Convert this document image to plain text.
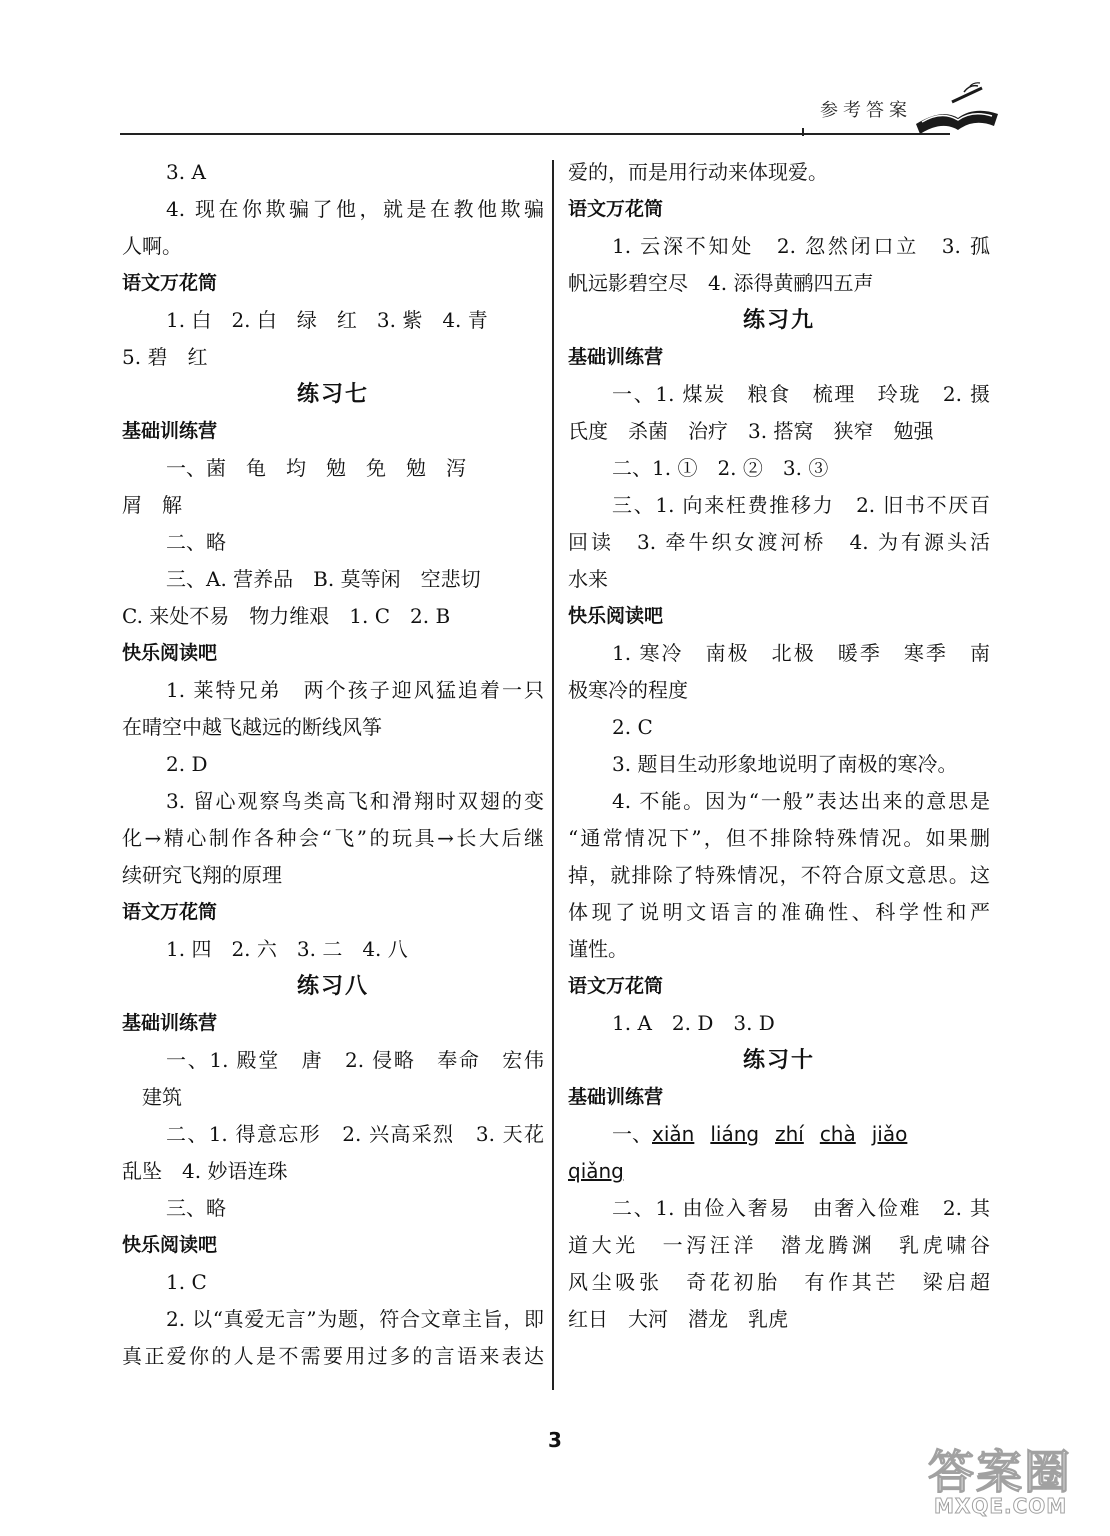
参考答案
3. A
4. 现在你欺骗了他，就是在教他欺骗
人啊。
语文万花筒
1. 白　2. 白　绿　红　3. 紫　4. 青
5. 碧　红
练习七
基础训练营
一、菌　龟　均　勉　免　勉　泻
屑　解
二、略
三、A. 营养品　B. 莫等闲　空悲切
C. 来处不易　物力维艰　1. C　2. B
快乐阅读吧
1. 莱特兄弟　两个孩子迎风猛追着一只
在晴空中越飞越远的断线风筝
2. D
3. 留心观察鸟类高飞和滑翔时双翅的变
化→精心制作各种会“飞”的玩具→长大后继
续研究飞翔的原理
语文万花筒
1. 四　2. 六　3. 二　4. 八
练习八
基础训练营
一、1. 殿堂　唐　2. 侵略　奉命　宏伟
　建筑
二、1. 得意忘形　2. 兴高采烈　3. 天花
乱坠　4. 妙语连珠
三、略
快乐阅读吧
1. C
2. 以“真爱无言”为题，符合文章主旨，即
真正爱你的人是不需要用过多的言语来表达
爱的，而是用行动来体现爱。
语文万花筒
1. 云深不知处　2. 忽然闭口立　3. 孤
帆远影碧空尽　4. 添得黄鹂四五声
练习九
基础训练营
一、1. 煤炭　粮食　梳理　玲珑　2. 摄
氏度　杀菌　治疗　3. 搭窝　狭窄　勉强
二、1. ①　2. ②　3. ③
三、1. 向来枉费推移力　2. 旧书不厌百
回读　3. 牵牛织女渡河桥　4. 为有源头活
水来
快乐阅读吧
1. 寒冷　南极　北极　暖季　寒季　南
极寒冷的程度
2. C
3. 题目生动形象地说明了南极的寒冷。
4. 不能。因为“一般”表达出来的意思是
“通常情况下”，但不排除特殊情况。如果删
掉，就排除了特殊情况，不符合原文意思。这
体现了说明文语言的准确性、科学性和严
谨性。
语文万花筒
1. A　2. D　3. D
练习十
基础训练营
一、xiǎn liáng zhí chà jiǎo
qiǎng
二、1. 由俭入奢易　由奢入俭难　2. 其
道大光　一泻汪洋　潜龙腾渊　乳虎啸谷
风尘吸张　奇花初胎　有作其芒　梁启超
红日　大河　潜龙　乳虎
3
答案圈
MXQE.COM
